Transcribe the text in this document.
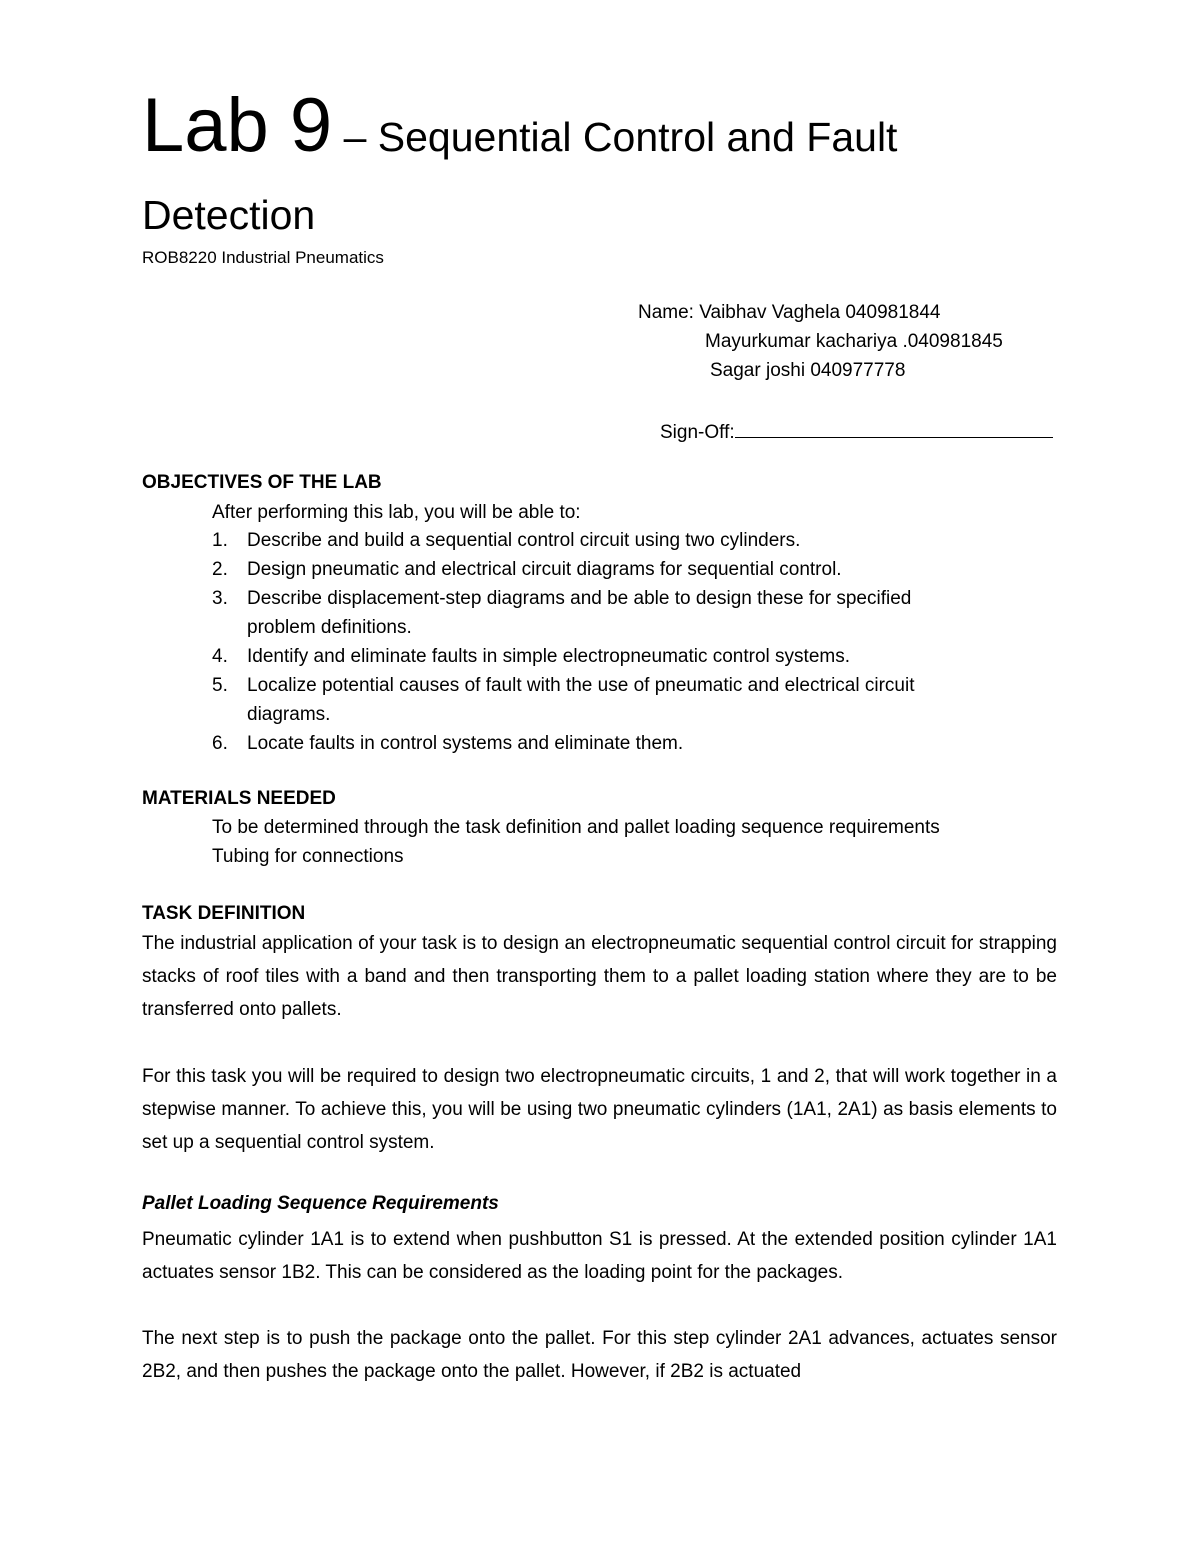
Lab 9 – Sequential Control and Fault
Detection
ROB8220 Industrial Pneumatics
Name: Vaibhav Vaghela 040981844
Mayurkumar kachariya .040981845
Sagar joshi 040977778
Sign-Off:
OBJECTIVES OF THE LAB
After performing this lab, you will be able to:
1. Describe and build a sequential control circuit using two cylinders.
2. Design pneumatic and electrical circuit diagrams for sequential control.
3. Describe displacement-step diagrams and be able to design these for specified
problem definitions.
4. Identify and eliminate faults in simple electropneumatic control systems.
5. Localize potential causes of fault with the use of pneumatic and electrical circuit
diagrams.
6. Locate faults in control systems and eliminate them.
MATERIALS NEEDED
To be determined through the task definition and pallet loading sequence requirements
Tubing for connections
TASK DEFINITION
The industrial application of your task is to design an electropneumatic sequential control circuit for strapping stacks of roof tiles with a band and then transporting them to a pallet loading station where they are to be transferred onto pallets.
For this task you will be required to design two electropneumatic circuits, 1 and 2, that will work together in a stepwise manner. To achieve this, you will be using two pneumatic cylinders (1A1, 2A1) as basis elements to set up a sequential control system.
Pallet Loading Sequence Requirements
Pneumatic cylinder 1A1 is to extend when pushbutton S1 is pressed. At the extended position cylinder 1A1 actuates sensor 1B2. This can be considered as the loading point for the packages.
The next step is to push the package onto the pallet. For this step cylinder 2A1 advances, actuates sensor 2B2, and then pushes the package onto the pallet. However, if 2B2 is actuated
